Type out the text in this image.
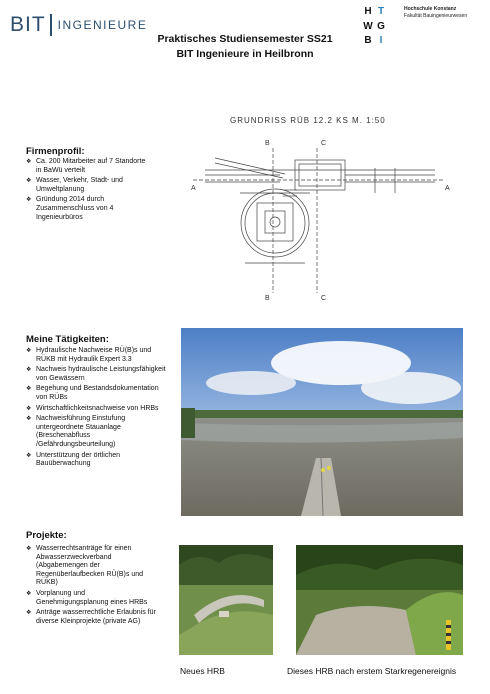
BIT INGENIEURE
H T
W G
B I
Hochschule Konstanz
Fakultät Bauingenieurwesen
Praktisches Studiensemester SS21
BIT Ingenieure in Heilbronn
GRUNDRISS RÜB 12.2 KS M. 1:50
B	C
A	A
B	C
Firmenprofil:
❖ Ca. 200 Mitarbeiter auf 7 Standorte in BaWü verteilt
❖ Wasser, Verkehr, Stadt- und Umweltplanung
❖ Gründung 2014 durch Zusammenschluss von 4 Ingenieurbüros
Meine Tätigkeiten:
❖ Hydraulische Nachweise RÜ(B)s und RÜKB mit Hydraulik Expert 3.3
❖ Nachweis hydraulische Leistungsfähigkeit von Gewässern
❖ Begehung und Bestandsdokumentation von RÜBs
❖ Wirtschaftlichkeitsnachweise von HRBs
❖ Nachweisführung Einstufung untergeordnete Stauanlage (Breschenabfluss /Gefährdungsbeurteilung)
❖ Unterstützung der örtlichen Bauüberwachung
Projekte:
❖ Wasserrechtsanträge für einen Abwasserzweckverband (Abgabemengen der Regenüberlaufbecken RÜ(B)s und RÜKB)
❖ Vorplanung und Genehmigungsplanung eines HRBs
❖ Anträge wasserrechtliche Erlaubnis für diverse Kleinprojekte (private AG)
Neues HRB	Dieses HRB nach erstem Starkregenereignis
